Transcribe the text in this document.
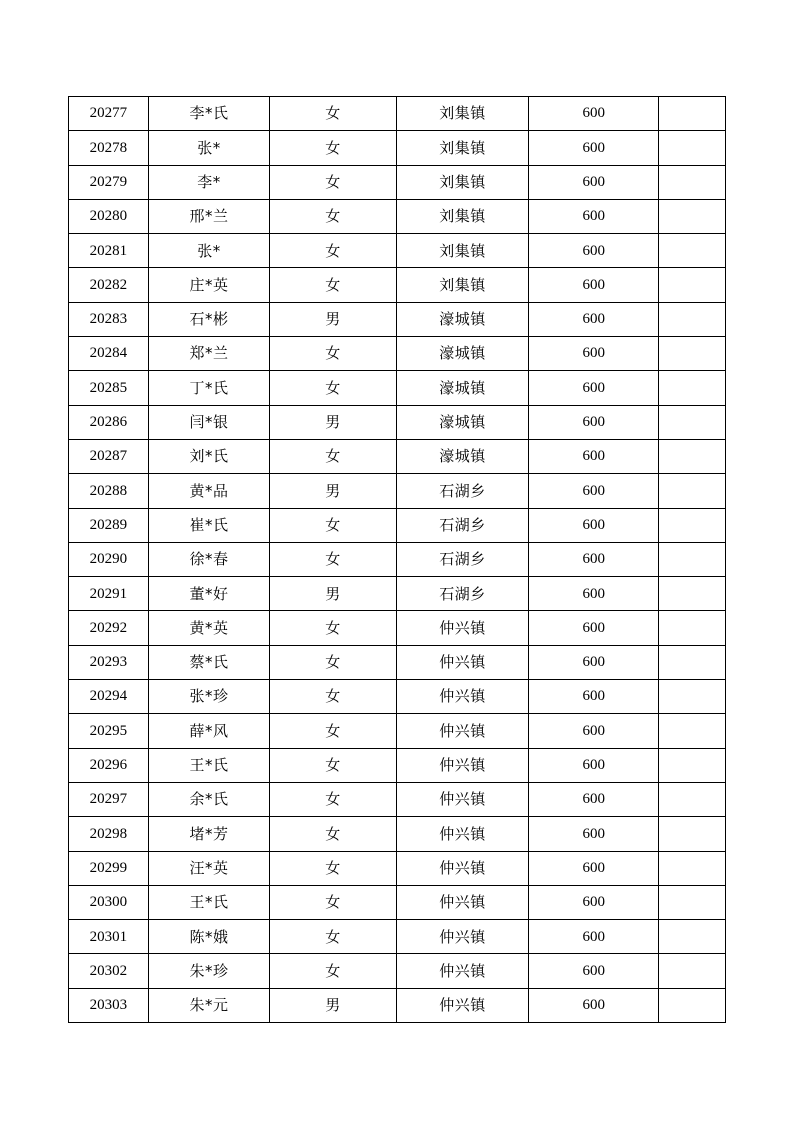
20277	李*氏	女	刘集镇	600	
20278	张*	女	刘集镇	600	
20279	李*	女	刘集镇	600	
20280	邢*兰	女	刘集镇	600	
20281	张*	女	刘集镇	600	
20282	庄*英	女	刘集镇	600	
20283	石*彬	男	濠城镇	600	
20284	郑*兰	女	濠城镇	600	
20285	丁*氏	女	濠城镇	600	
20286	闫*银	男	濠城镇	600	
20287	刘*氏	女	濠城镇	600	
20288	黄*品	男	石湖乡	600	
20289	崔*氏	女	石湖乡	600	
20290	徐*春	女	石湖乡	600	
20291	董*好	男	石湖乡	600	
20292	黄*英	女	仲兴镇	600	
20293	蔡*氏	女	仲兴镇	600	
20294	张*珍	女	仲兴镇	600	
20295	薛*风	女	仲兴镇	600	
20296	王*氏	女	仲兴镇	600	
20297	余*氏	女	仲兴镇	600	
20298	堵*芳	女	仲兴镇	600	
20299	汪*英	女	仲兴镇	600	
20300	王*氏	女	仲兴镇	600	
20301	陈*娥	女	仲兴镇	600	
20302	朱*珍	女	仲兴镇	600	
20303	朱*元	男	仲兴镇	600	
